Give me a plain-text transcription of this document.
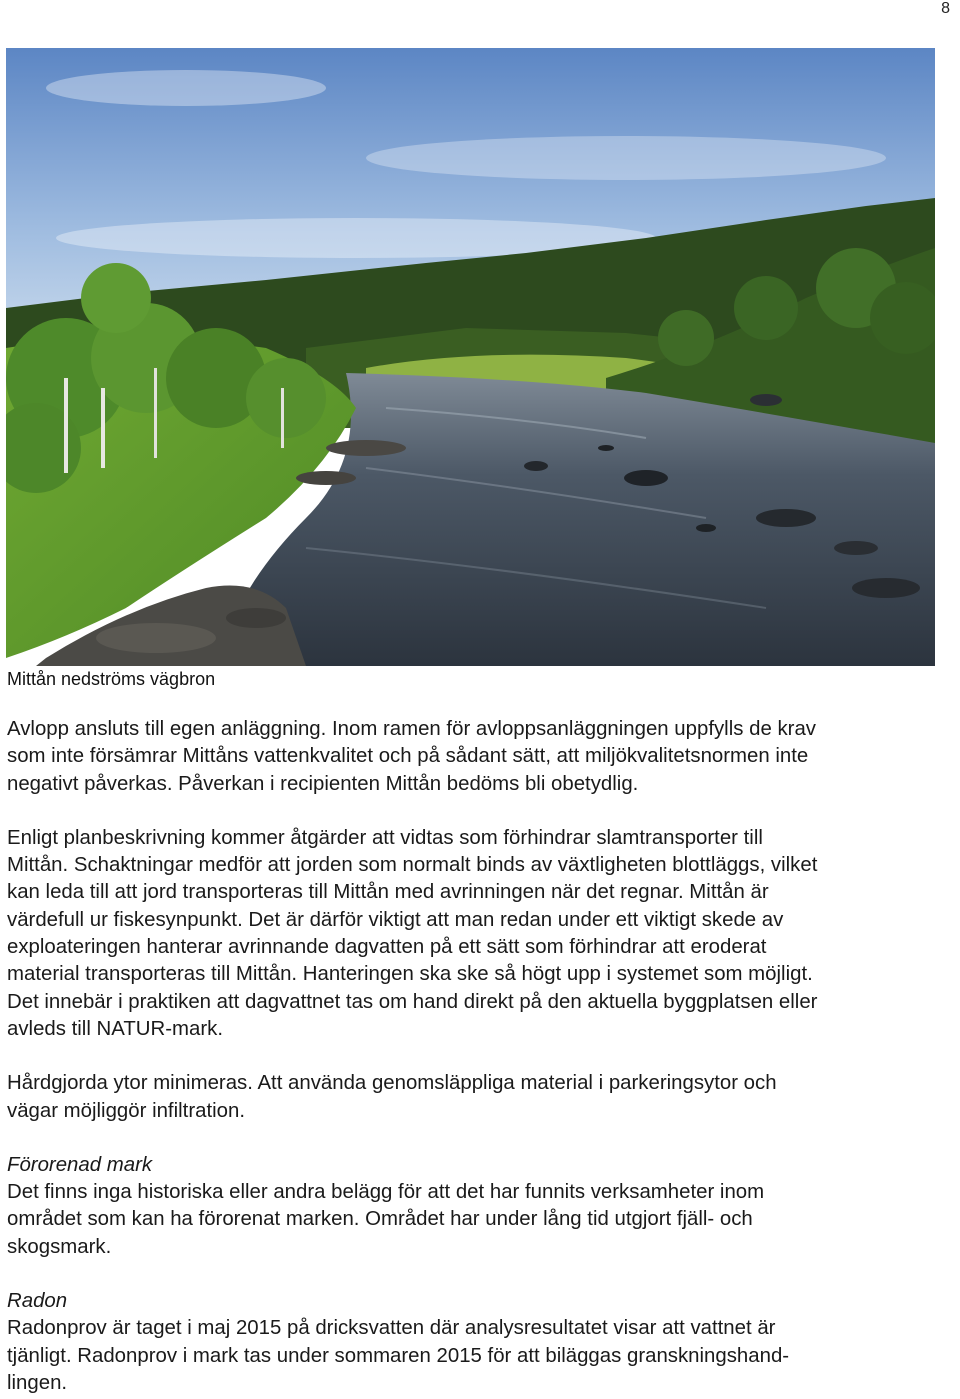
8
Mittån nedströms vägbron

Avlopp ansluts till egen anläggning. Inom ramen för avloppsanläggningen uppfylls de krav
som inte försämrar Mittåns vattenkvalitet och på sådant sätt, att miljökvalitetsnormen inte
negativt påverkas. Påverkan i recipienten Mittån bedöms bli obetydlig.

Enligt planbeskrivning kommer åtgärder att vidtas som förhindrar slamtransporter till
Mittån. Schaktningar medför att jorden som normalt binds av växtligheten blottläggs, vilket
kan leda till att jord transporteras till Mittån med avrinningen när det regnar. Mittån är
värdefull ur fiskesynpunkt. Det är därför viktigt att man redan under ett viktigt skede av
exploateringen hanterar avrinnande dagvatten på ett sätt som förhindrar att eroderat
material transporteras till Mittån. Hanteringen ska ske så högt upp i systemet som möjligt.
Det innebär i praktiken att dagvattnet tas om hand direkt på den aktuella byggplatsen eller
avleds till NATUR-mark.

Hårdgjorda ytor minimeras. Att använda genomsläppliga material i parkeringsytor och
vägar möjliggör infiltration.

Förorenad mark
Det finns inga historiska eller andra belägg för att det har funnits verksamheter inom
området som kan ha förorenat marken. Området har under lång tid utgjort fjäll- och
skogsmark.

Radon
Radonprov är taget i maj 2015 på dricksvatten där analysresultatet visar att vattnet är
tjänligt. Radonprov i mark tas under sommaren 2015 för att biläggas granskningshand-
lingen.
